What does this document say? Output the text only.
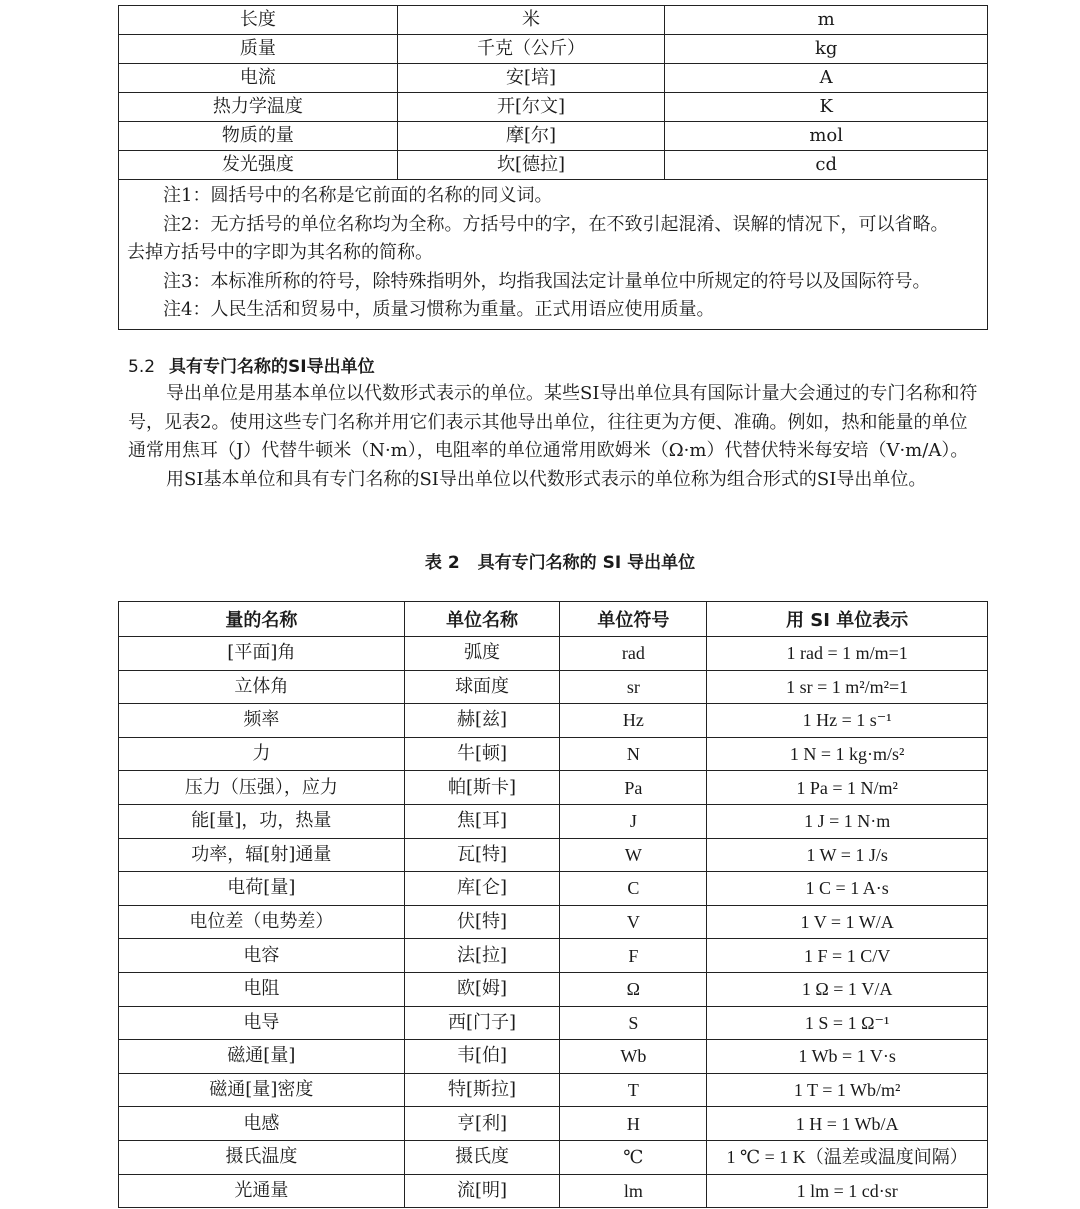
长度	米	m
质量	千克（公斤）	kg
电流	安[培]	A
热力学温度	开[尔文]	K
物质的量	摩[尔]	mol
发光强度	坎[德拉]	cd

注1：圆括号中的名称是它前面的名称的同义词。
注2：无方括号的单位名称均为全称。方括号中的字，在不致引起混淆、误解的情况下，可以省略。
去掉方括号中的字即为其名称的简称。
注3：本标准所称的符号，除特殊指明外，均指我国法定计量单位中所规定的符号以及国际符号。
注4：人民生活和贸易中，质量习惯称为重量。正式用语应使用质量。		
5.2 具有专门名称的SI导出单位

导出单位是用基本单位以代数形式表示的单位。某些SI导出单位具有国际计量大会通过的专门名称和符号，见表2。使用这些专门名称并用它们表示其他导出单位，往往更为方便、准确。例如，热和能量的单位通常用焦耳（J）代替牛顿米（N·m），电阻率的单位通常用欧姆米（Ω·m）代替伏特米每安培（V·m/A）。

用SI基本单位和具有专门名称的SI导出单位以代数形式表示的单位称为组合形式的SI导出单位。

表 2 具有专门名称的 SI 导出单位
量的名称	单位名称	单位符号	用 SI 单位表示
[平面]角	弧度	rad	1 rad = 1 m/m=1
立体角	球面度	sr	1 sr = 1 m²/m²=1
频率	赫[兹]	Hz	1 Hz = 1 s⁻¹
力	牛[顿]	N	1 N = 1 kg·m/s²
压力（压强），应力	帕[斯卡]	Pa	1 Pa = 1 N/m²
能[量]，功，热量	焦[耳]	J	1 J = 1 N·m
功率，辐[射]通量	瓦[特]	W	1 W = 1 J/s
电荷[量]	库[仑]	C	1 C = 1 A·s
电位差（电势差）	伏[特]	V	1 V = 1 W/A
电容	法[拉]	F	1 F = 1 C/V
电阻	欧[姆]	Ω	1 Ω = 1 V/A
电导	西[门子]	S	1 S = 1 Ω⁻¹
磁通[量]	韦[伯]	Wb	1 Wb = 1 V·s
磁通[量]密度	特[斯拉]	T	1 T = 1 Wb/m²
电感	亨[利]	H	1 H = 1 Wb/A
摄氏温度	摄氏度	℃	1 ℃ = 1 K（温差或温度间隔）
光通量	流[明]	lm	1 lm = 1 cd·sr
